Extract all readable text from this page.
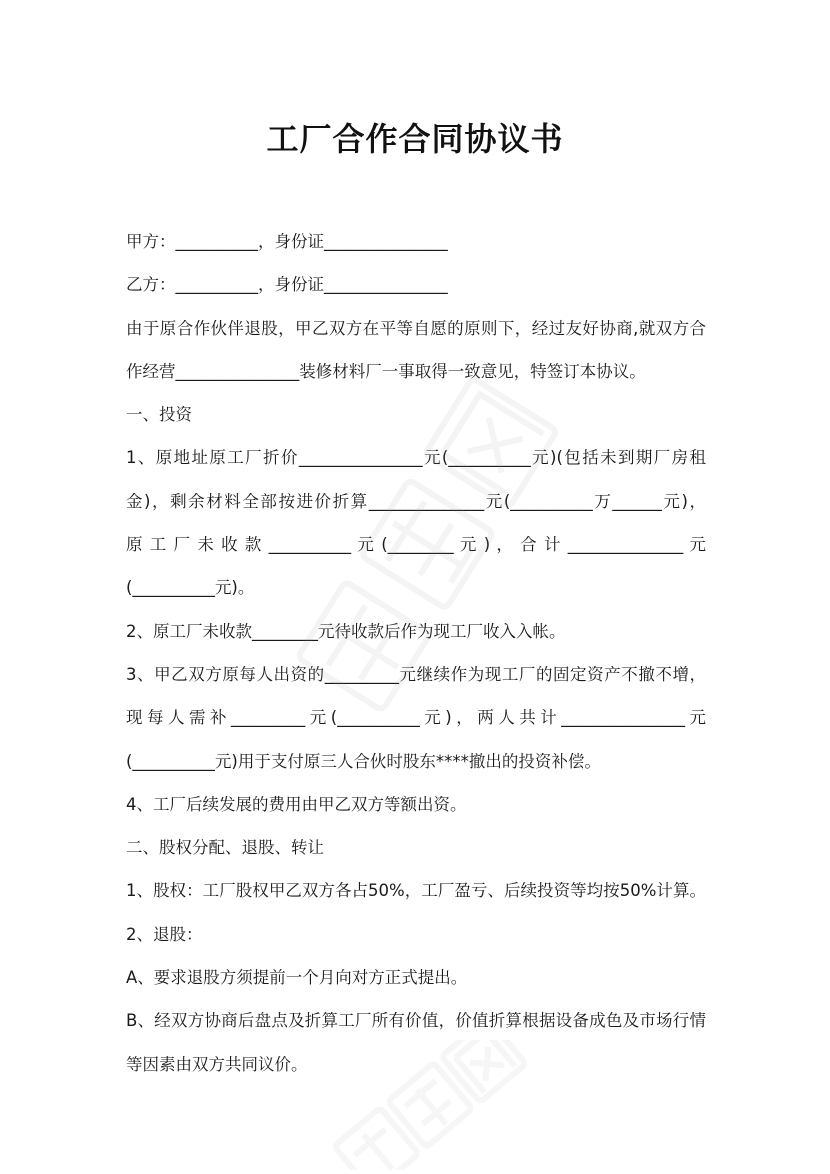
工厂合作合同协议书
甲方：__________，身份证_______________
乙方：__________，身份证_______________
由于原合作伙伴退股，甲乙双方在平等自愿的原则下，经过友好协商,就双方合
作经营_______________装修材料厂一事取得一致意见，特签订本协议。
一、投资
1、原地址原工厂折价_______________元(__________元)(包括未到期厂房租
金)，剩余材料全部按进价折算______________元(__________万______元)，
原 工 厂 未 收 款 __________ 元 (________ 元 ) ， 合 计 ______________ 元
(__________元)。
2、原工厂未收款________元待收款后作为现工厂收入入帐。
3、甲乙双方原每人出资的_________元继续作为现工厂的固定资产不撤不增，
现每人需补_________元(__________元)，两人共计_______________元
(__________元)用于支付原三人合伙时股东****撤出的投资补偿。
4、工厂后续发展的费用由甲乙双方等额出资。
二、股权分配、退股、转让
1、股权：工厂股权甲乙双方各占50%，工厂盈亏、后续投资等均按50%计算。
2、退股：
A、要求退股方须提前一个月向对方正式提出。
B、经双方协商后盘点及折算工厂所有价值，价值折算根据设备成色及市场行情
等因素由双方共同议价。
